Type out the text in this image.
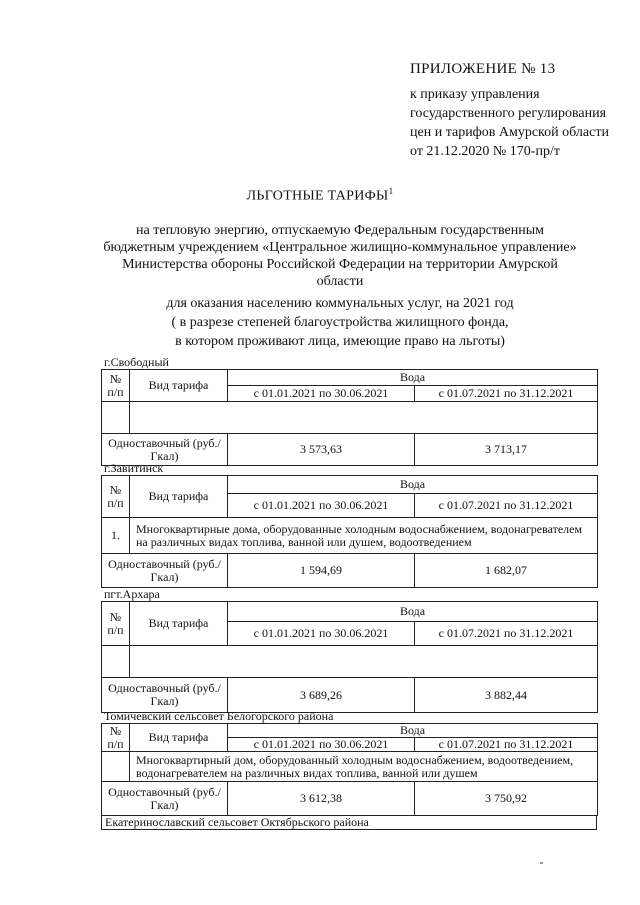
ПРИЛОЖЕНИЕ № 13
к приказу управления
государственного регулирования
цен и тарифов Амурской области
от 21.12.2020 № 170-пр/т
ЛЬГОТНЫЕ ТАРИФЫ$^1$
на тепловую энергию, отпускаемую Федеральным государственным бюджетным учреждением «Центральное жилищно-коммунальное управление» Министерства обороны Российской Федерации на территории Амурской области
для оказания населению коммунальных услуг, на 2021 год
( в разрезе степеней благоустройства жилищного фонда,
в котором проживают лица, имеющие право на льготы)
г.Свободный
№ п/п	Вид тарифа	Вода	
		с 01.01.2021 по 30.06.2021	с 01.07.2021 по 31.12.2021

Одноставочный (руб./Гкал)		3 573,63	3 713,17
г.Завитинск
№ п/п	Вид тарифа	Вода	
		с 01.01.2021 по 30.06.2021	с 01.07.2021 по 31.12.2021
1.	Многоквартирные дома, оборудованные холодным водоснабжением, водонагревателем на различных видах топлива, ванной или душем, водоотведением		
Одноставочный (руб./Гкал)		1 594,69	1 682,07
пгт.Архара
№ п/п	Вид тарифа	Вода	
		с 01.01.2021 по 30.06.2021	с 01.07.2021 по 31.12.2021

Одноставочный (руб./Гкал)		3 689,26	3 882,44
Томичевский сельсовет Белогорского района
№ п/п	Вид тарифа	Вода	
		с 01.01.2021 по 30.06.2021	с 01.07.2021 по 31.12.2021
	Многоквартирный дом, оборудованный холодным водоснабжением, водоотведением, водонагревателем на различных видах топлива, ванной или душем		
Одноставочный (руб./Гкал)		3 612,38	3 750,92
Екатеринославский сельсовет Октябрьского района
